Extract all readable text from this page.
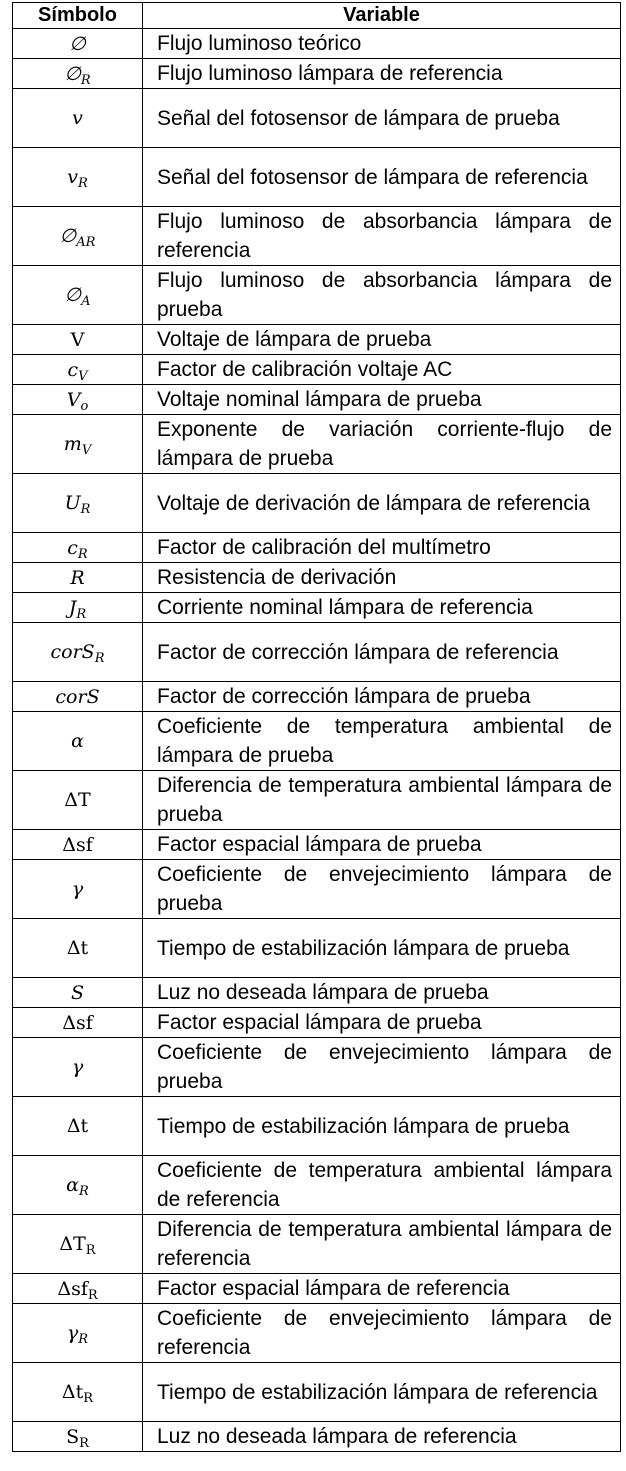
Símbolo	Variable
∅	Flujo luminoso teórico
$\emptyset_R$	Flujo luminoso lámpara de referencia
v	Señal del fotosensor de lámpara de prueba
$v_R$	Señal del fotosensor de lámpara de referencia
$\emptyset_{AR}$	Flujo luminoso de absorbancia lámpara de referencia
$\emptyset_A$	Flujo luminoso de absorbancia lámpara de prueba
V	Voltaje de lámpara de prueba
$c_V$	Factor de calibración voltaje AC
$V_o$	Voltaje nominal lámpara de prueba
$m_V$	Exponente de variación corriente-flujo de lámpara de prueba
$U_R$	Voltaje de derivación de lámpara de referencia
$c_R$	Factor de calibración del multímetro
R	Resistencia de derivación
$J_R$	Corriente nominal lámpara de referencia
corS$_R$	Factor de corrección lámpara de referencia
corS	Factor de corrección lámpara de prueba
α	Coeficiente de temperatura ambiental de lámpara de prueba
ΔT	Diferencia de temperatura ambiental lámpara de prueba
Δsf	Factor espacial lámpara de prueba
γ	Coeficiente de envejecimiento lámpara de prueba
Δt	Tiempo de estabilización lámpara de prueba
S	Luz no deseada lámpara de prueba
Δsf	Factor espacial lámpara de prueba
γ	Coeficiente de envejecimiento lámpara de prueba
Δt	Tiempo de estabilización lámpara de prueba
$\alpha_R$	Coeficiente de temperatura ambiental lámpara de referencia
$\Delta T_R$	Diferencia de temperatura ambiental lámpara de referencia
Δsf$_R$	Factor espacial lámpara de referencia
$\gamma_R$	Coeficiente de envejecimiento lámpara de referencia
$\Delta t_R$	Tiempo de estabilización lámpara de referencia
$S_R$	Luz no deseada lámpara de referencia
